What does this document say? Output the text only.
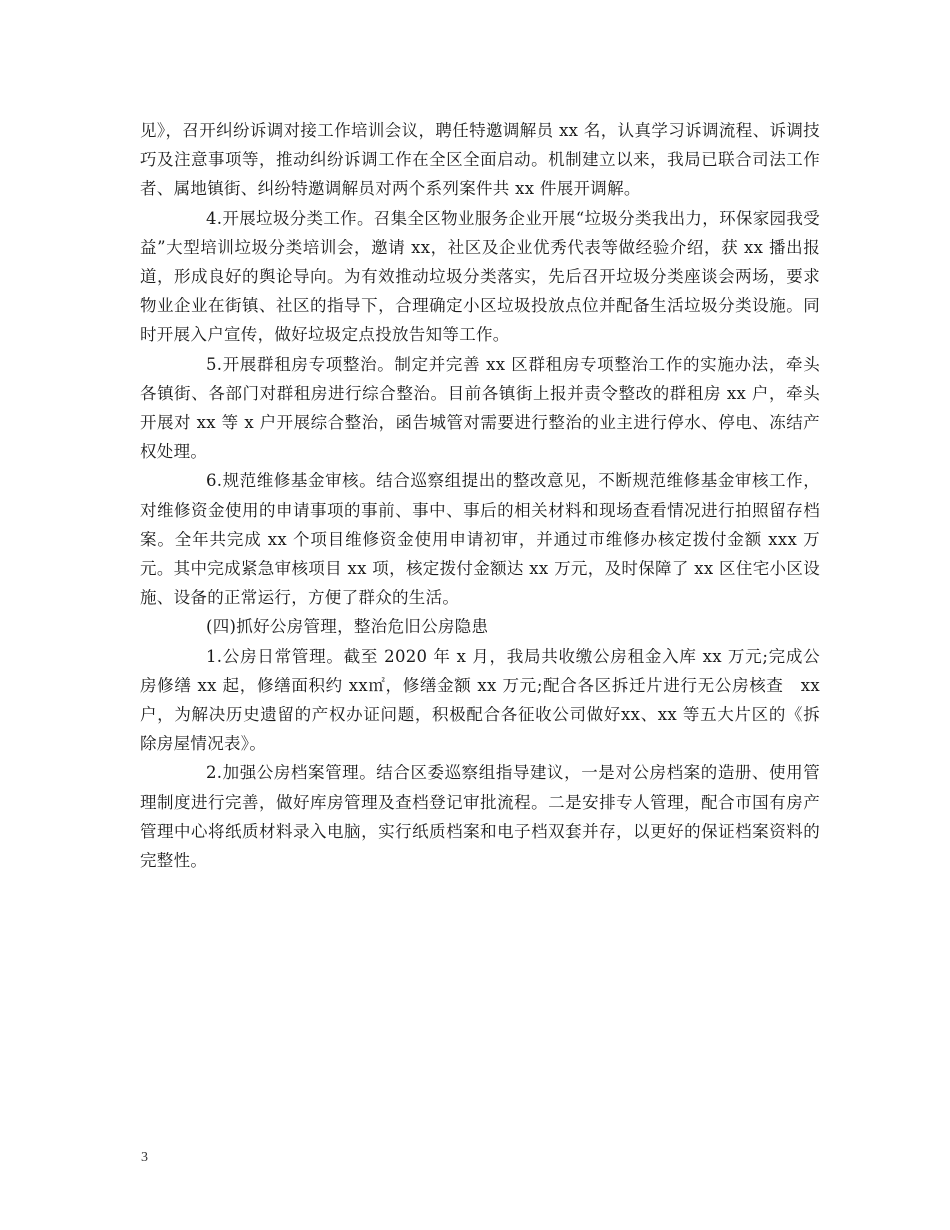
见》，召开纠纷诉调对接工作培训会议，聘任特邀调解员 xx 名，认真学习诉调流程、诉调技巧及注意事项等，推动纠纷诉调工作在全区全面启动。机制建立以来，我局已联合司法工作者、属地镇街、纠纷特邀调解员对两个系列案件共 xx 件展开调解。

4.开展垃圾分类工作。召集全区物业服务企业开展“垃圾分类我出力，环保家园我受益”大型培训垃圾分类培训会，邀请 xx，社区及企业优秀代表等做经验介绍，获 xx 播出报道，形成良好的舆论导向。为有效推动垃圾分类落实，先后召开垃圾分类座谈会两场，要求物业企业在街镇、社区的指导下，合理确定小区垃圾投放点位并配备生活垃圾分类设施。同时开展入户宣传，做好垃圾定点投放告知等工作。

5.开展群租房专项整治。制定并完善 xx 区群租房专项整治工作的实施办法，牵头各镇街、各部门对群租房进行综合整治。目前各镇街上报并责令整改的群租房 xx 户，牵头开展对 xx 等 x 户开展综合整治，函告城管对需要进行整治的业主进行停水、停电、冻结产权处理。

6.规范维修基金审核。结合巡察组提出的整改意见，不断规范维修基金审核工作，对维修资金使用的申请事项的事前、事中、事后的相关材料和现场查看情况进行拍照留存档案。全年共完成 xx 个项目维修资金使用申请初审，并通过市维修办核定拨付金额 xxx 万元。其中完成紧急审核项目 xx 项，核定拨付金额达 xx 万元，及时保障了 xx 区住宅小区设施、设备的正常运行，方便了群众的生活。

(四)抓好公房管理，整治危旧公房隐患

1.公房日常管理。截至 2020 年 x 月，我局共收缴公房租金入库 xx 万元;完成公房修缮 xx 起，修缮面积约 xx㎡，修缮金额 xx 万元;配合各区拆迁片进行无公房核查　xx 户，为解决历史遗留的产权办证问题，积极配合各征收公司做好xx、xx 等五大片区的《拆除房屋情况表》。

2.加强公房档案管理。结合区委巡察组指导建议，一是对公房档案的造册、使用管理制度进行完善，做好库房管理及查档登记审批流程。二是安排专人管理，配合市国有房产管理中心将纸质材料录入电脑，实行纸质档案和电子档双套并存，以更好的保证档案资料的完整性。

3
